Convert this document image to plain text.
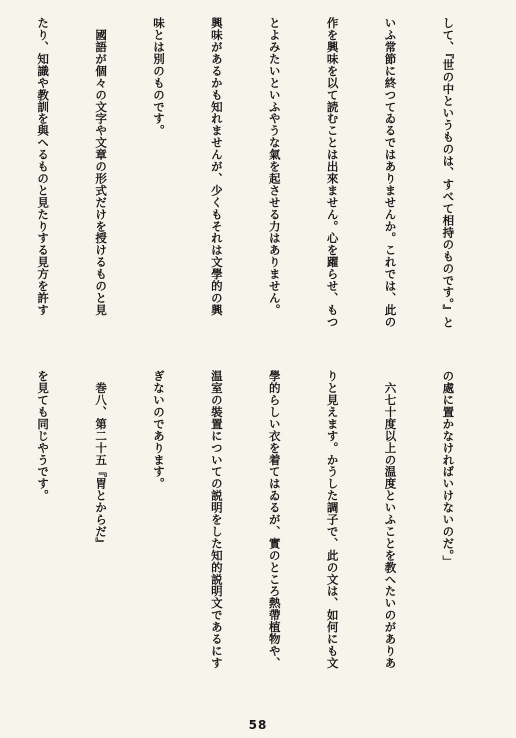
して、『世の中というものは、すべて相持のものです。』と

いふ常節に終つてゐるではありませんか。これでは、此の

作を興味を以て読むことは出來ません。心を躍らせ、もつ

とよみたいといふやうな氣を起させる力はありません。

興味があるかも知れませんが、少くもそれは文學的の興

味とは別のものです。

　國語が個々の文字や文章の形式だけを授けるものと見

たり、知識や教訓を與へるものと見たりする見方を許す

の處に置かなければいけないのだ。」

　六七十度以上の温度といふことを教へたいのがありあ

りと見えます。かうした調子で、此の文は、如何にも文

學的らしい衣を着てはゐるが、實のところ熱帶植物や、

温室の裝置についての説明をした知的説明文であるにす

ぎないのであります。

　巻八、第二十五『胃とからだ』

を見ても同じやうです。

58
